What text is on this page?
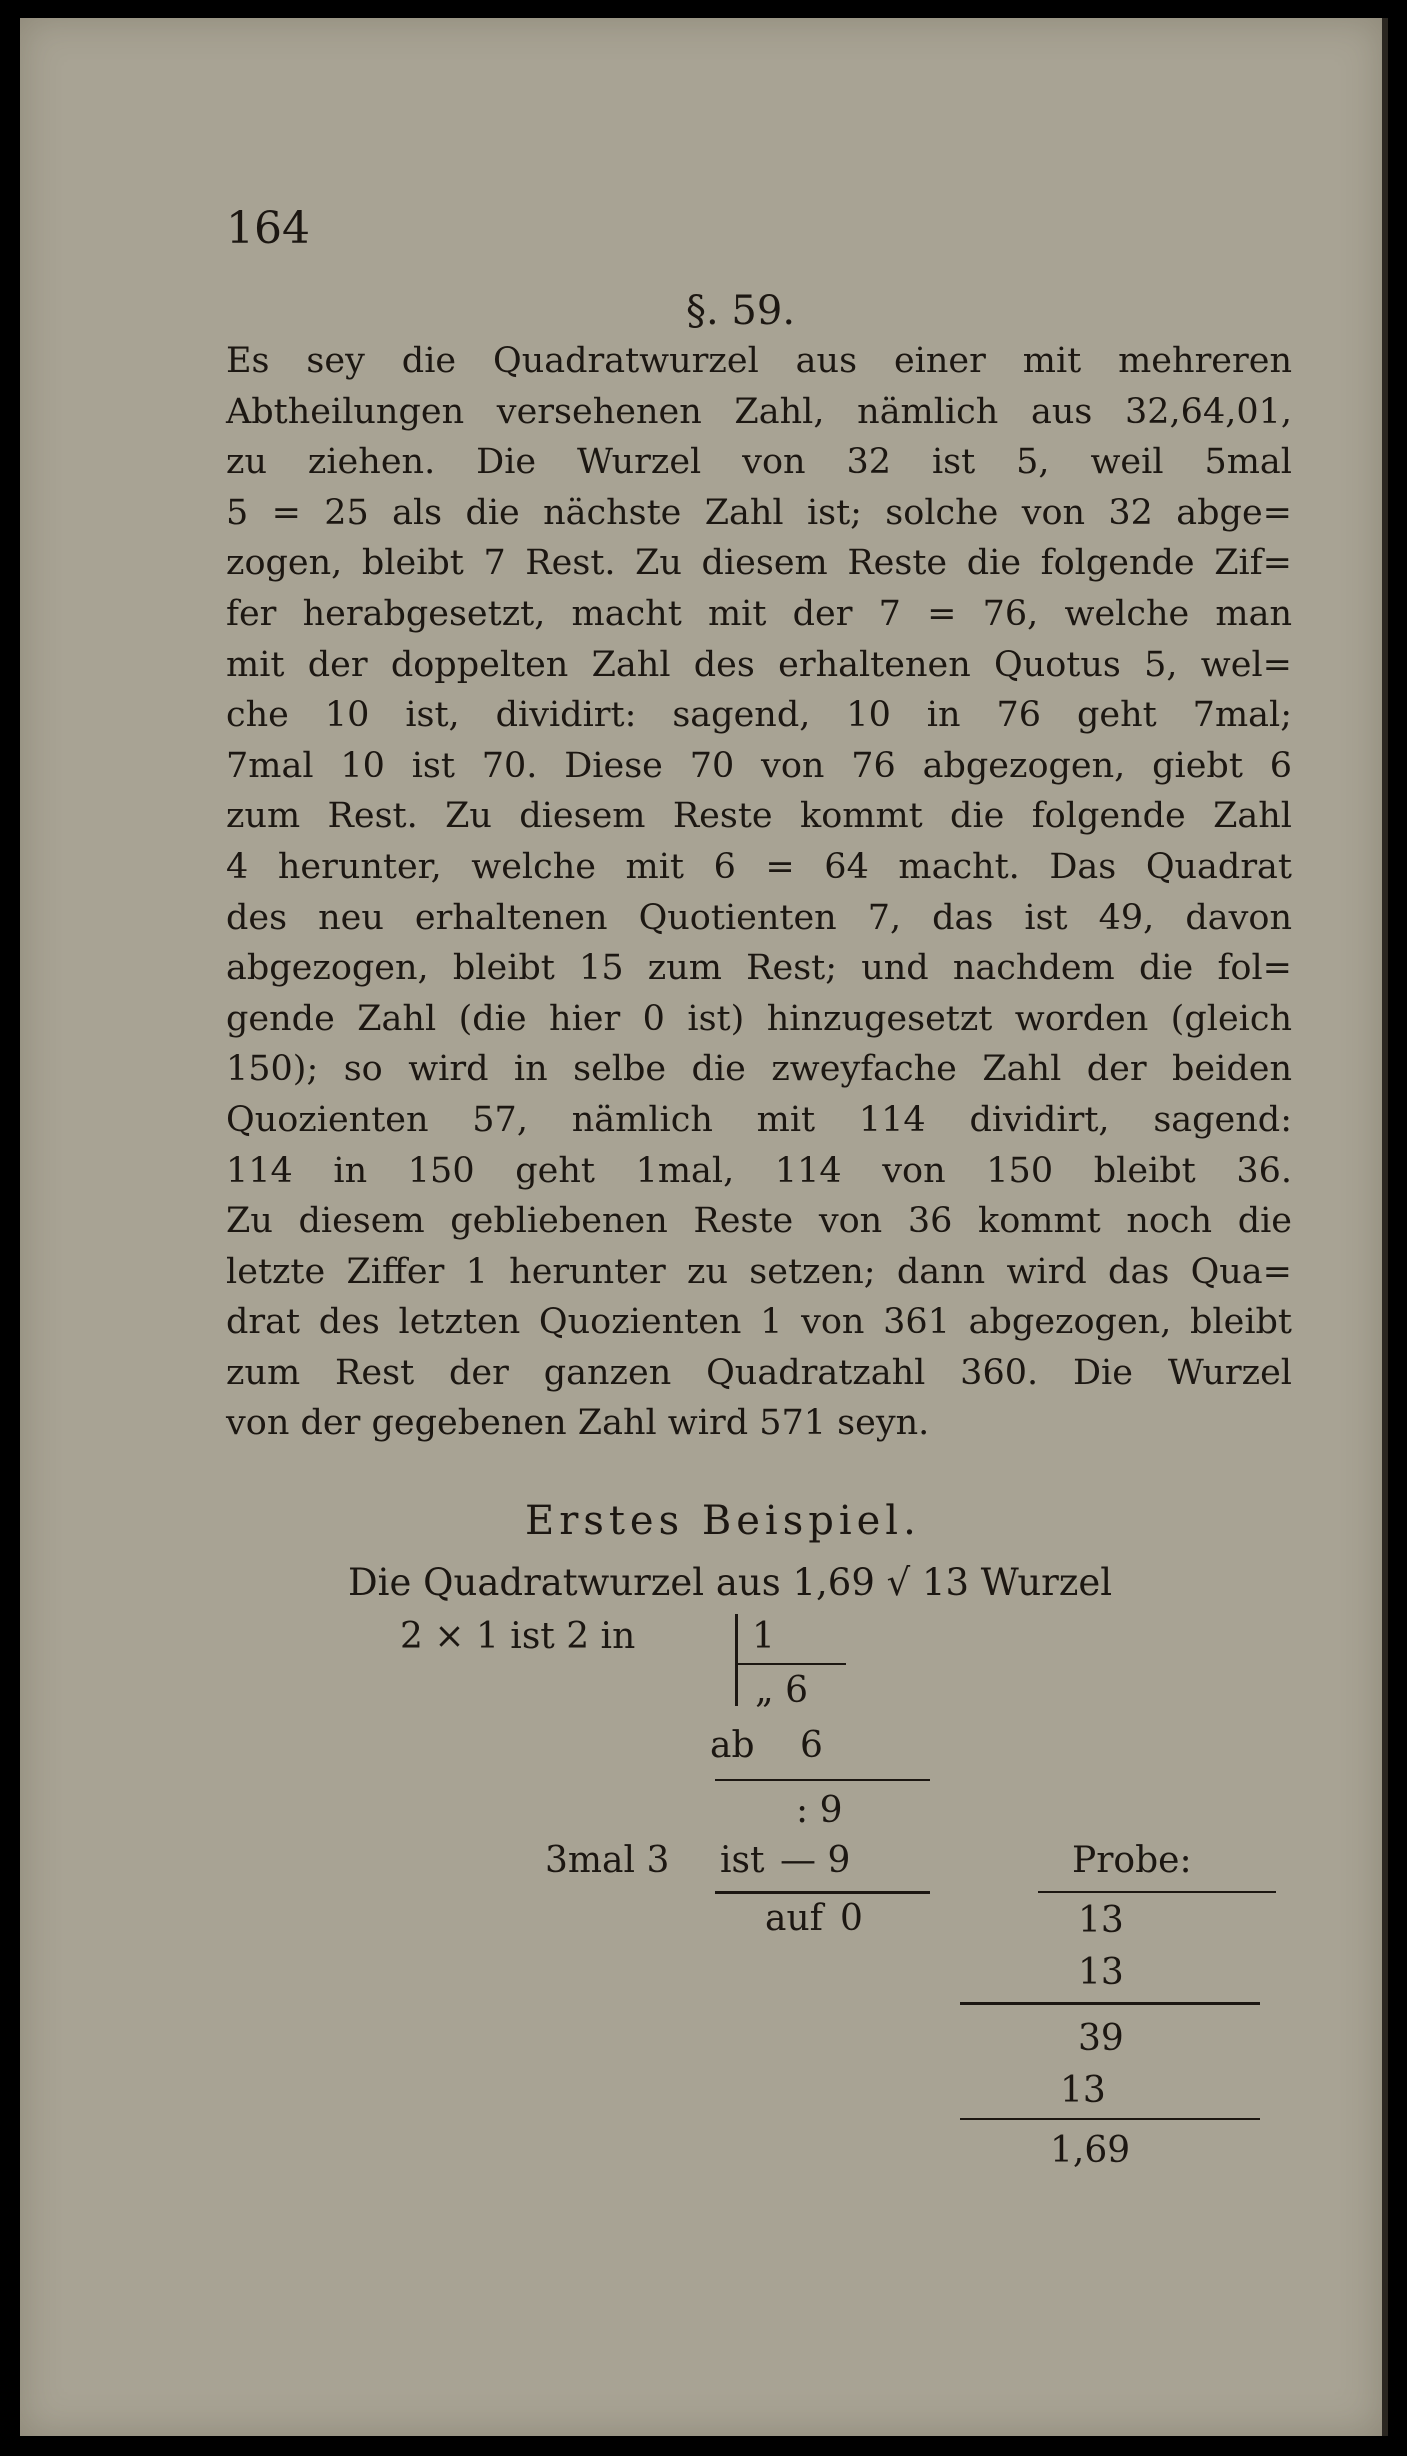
164
§. 59.
Es sey die Quadratwurzel aus einer mit mehreren
Abtheilungen versehenen Zahl, nämlich aus 32,64,01,
zu ziehen. Die Wurzel von 32 ist 5, weil 5mal
5 = 25 als die nächste Zahl ist; solche von 32 abge=
zogen, bleibt 7 Rest. Zu diesem Reste die folgende Zif=
fer herabgesetzt, macht mit der 7 = 76, welche man
mit der doppelten Zahl des erhaltenen Quotus 5, wel=
che 10 ist, dividirt: sagend, 10 in 76 geht 7mal;
7mal 10 ist 70. Diese 70 von 76 abgezogen, giebt 6
zum Rest. Zu diesem Reste kommt die folgende Zahl
4 herunter, welche mit 6 = 64 macht. Das Quadrat
des neu erhaltenen Quotienten 7, das ist 49, davon
abgezogen, bleibt 15 zum Rest; und nachdem die fol=
gende Zahl (die hier 0 ist) hinzugesetzt worden (gleich
150); so wird in selbe die zweyfache Zahl der beiden
Quozienten 57, nämlich mit 114 dividirt, sagend:
114 in 150 geht 1mal, 114 von 150 bleibt 36.
Zu diesem gebliebenen Reste von 36 kommt noch die
letzte Ziffer 1 herunter zu setzen; dann wird das Qua=
drat des letzten Quozienten 1 von 361 abgezogen, bleibt
zum Rest der ganzen Quadratzahl 360. Die Wurzel
von der gegebenen Zahl wird 571 seyn.
Erstes Beispiel.
Die Quadratwurzel aus 1,69 √ 13 Wurzel
2 × 1 ist 2 in	1
„ 6
ab 6
: 9
3mal 3 ist — 9
auf 0
Probe:
13
13
39
13
1,69
